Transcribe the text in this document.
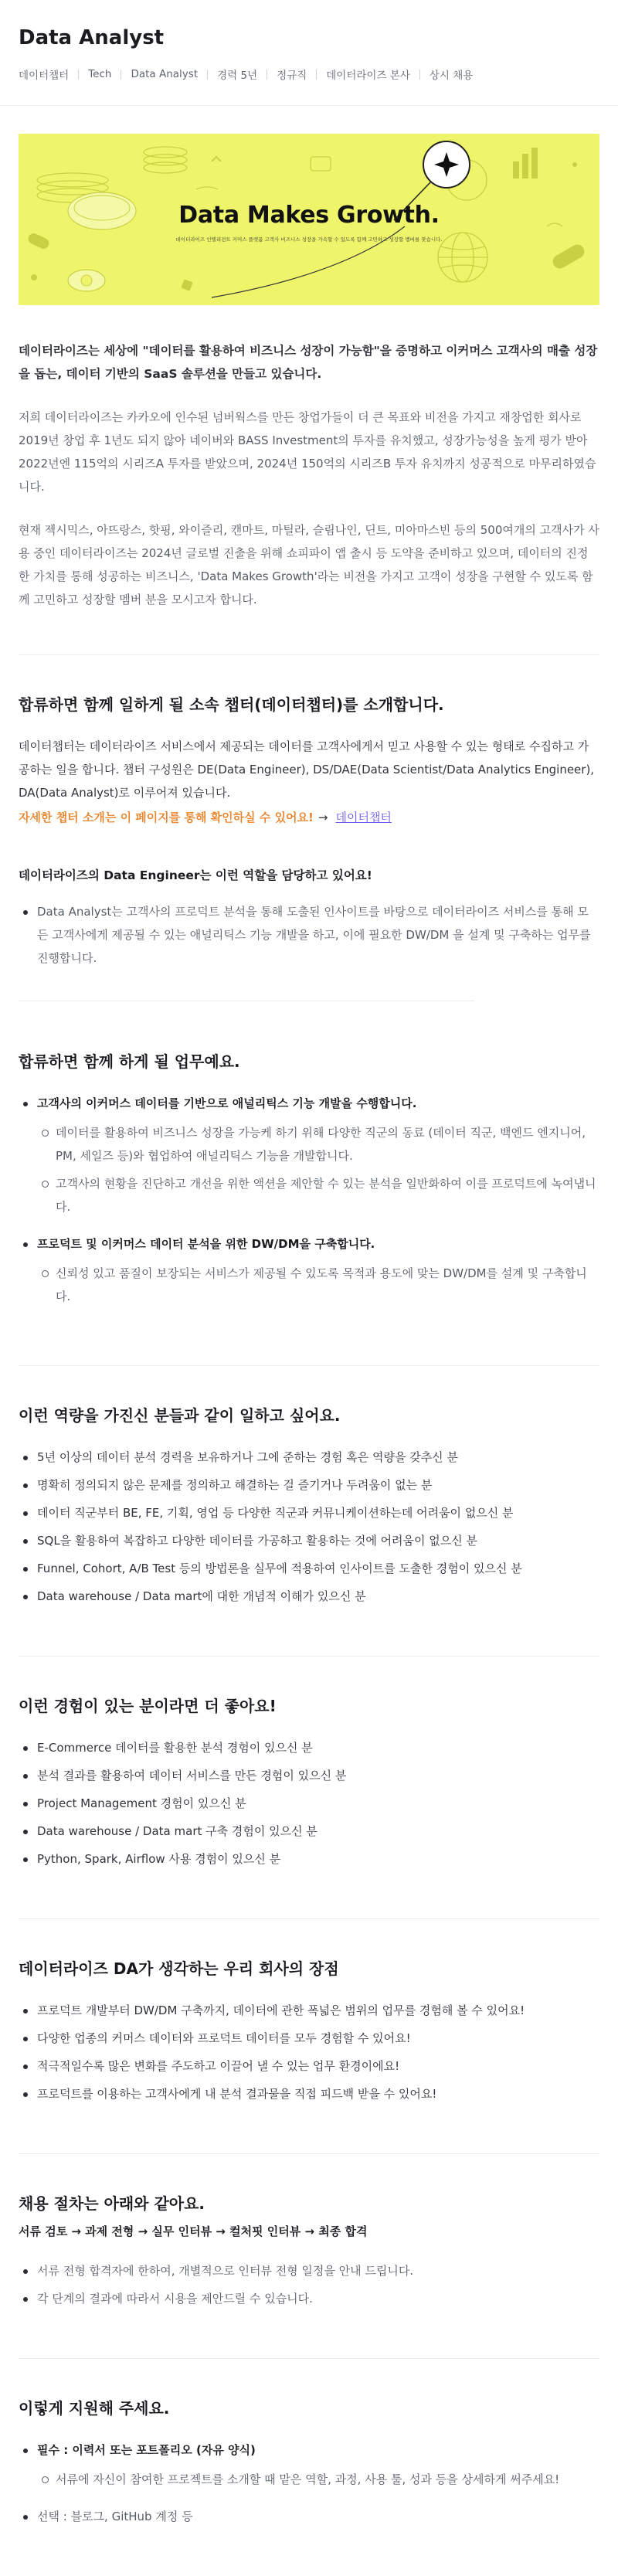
Data Analyst
데이터챕터 Tech Data Analyst 경력 5년 정규직 데이터라이즈 본사 상시 채용
Data Makes Growth.
데이터라이즈 인텔리전트 커머스 플랫폼 고객사 비즈니스 성장을 가속할 수 있도록 함께 고민하고 성장할 멤버를 찾습니다.

데이터라이즈는 세상에 "데이터를 활용하여 비즈니스 성장이 가능함"을 증명하고 이커머스 고객사의 매출 성장을 돕는, 데이터 기반의 SaaS 솔루션을 만들고 있습니다.

저희 데이터라이즈는 카카오에 인수된 넘버웍스를 만든 창업가들이 더 큰 목표와 비전을 가지고 재창업한 회사로 2019년 창업 후 1년도 되지 않아 네이버와 BASS Investment의 투자를 유치했고, 성장가능성을 높게 평가 받아 2022년엔 115억의 시리즈A 투자를 받았으며, 2024년 150억의 시리즈B 투자 유치까지 성공적으로 마무리하였습니다.

현재 젝시믹스, 아뜨랑스, 핫핑, 와이즐리, 캔마트, 마틸라, 슬림나인, 딘트, 미아마스빈 등의 500여개의 고객사가 사용 중인 데이터라이즈는 2024년 글로벌 진출을 위해 쇼피파이 앱 출시 등 도약을 준비하고 있으며, 데이터의 진정한 가치를 통해 성공하는 비즈니스, 'Data Makes Growth'라는 비전을 가지고 고객이 성장을 구현할 수 있도록 함께 고민하고 성장할 멤버 분을 모시고자 합니다.

합류하면 함께 일하게 될 소속 챕터(데이터챕터)를 소개합니다.

데이터챕터는 데이터라이즈 서비스에서 제공되는 데이터를 고객사에게서 믿고 사용할 수 있는 형태로 수집하고 가공하는 일을 합니다. 챕터 구성원은 DE(Data Engineer), DS/DAE(Data Scientist/Data Analytics Engineer), DA(Data Analyst)로 이루어져 있습니다.

자세한 챕터 소개는 이 페이지를 통해 확인하실 수 있어요! → 데이터챕터
데이터라이즈의 Data Engineer는 이런 역할을 담당하고 있어요!
Data Analyst는 고객사의 프로덕트 분석을 통해 도출된 인사이트를 바탕으로 데이터라이즈 서비스를 통해 모든 고객사에게 제공될 수 있는 애널리틱스 기능 개발을 하고, 이에 필요한 DW/DM 을 설계 및 구축하는 업무를 진행합니다.
합류하면 함께 하게 될 업무예요.
고객사의 이커머스 데이터를 기반으로 애널리틱스 기능 개발을 수행합니다.
데이터를 활용하여 비즈니스 성장을 가능케 하기 위해 다양한 직군의 동료 (데이터 직군, 백엔드 엔지니어, PM, 세일즈 등)와 협업하여 애널리틱스 기능을 개발합니다.
고객사의 현황을 진단하고 개선을 위한 액션을 제안할 수 있는 분석을 일반화하여 이를 프로덕트에 녹여냅니다.
프로덕트 및 이커머스 데이터 분석을 위한 DW/DM을 구축합니다.
신뢰성 있고 품질이 보장되는 서비스가 제공될 수 있도록 목적과 용도에 맞는 DW/DM를 설계 및 구축합니다.
이런 역량을 가진신 분들과 같이 일하고 싶어요.
5년 이상의 데이터 분석 경력을 보유하거나 그에 준하는 경험 혹은 역량을 갖추신 분
명확히 정의되지 않은 문제를 정의하고 해결하는 걸 즐기거나 두려움이 없는 분
데이터 직군부터 BE, FE, 기획, 영업 등 다양한 직군과 커뮤니케이션하는데 어려움이 없으신 분
SQL을 활용하여 복잡하고 다양한 데이터를 가공하고 활용하는 것에 어려움이 없으신 분
Funnel, Cohort, A/B Test 등의 방법론을 실무에 적용하여 인사이트를 도출한 경험이 있으신 분
Data warehouse / Data mart에 대한 개념적 이해가 있으신 분
이런 경험이 있는 분이라면 더 좋아요!
E-Commerce 데이터를 활용한 분석 경험이 있으신 분
분석 결과를 활용하여 데이터 서비스를 만든 경험이 있으신 분
Project Management 경험이 있으신 분
Data warehouse / Data mart 구축 경험이 있으신 분
Python, Spark, Airflow 사용 경험이 있으신 분
데이터라이즈 DA가 생각하는 우리 회사의 장점
프로덕트 개발부터 DW/DM 구축까지, 데이터에 관한 폭넓은 범위의 업무를 경험해 볼 수 있어요!
다양한 업종의 커머스 데이터와 프로덕트 데이터를 모두 경험할 수 있어요!
적극적일수록 많은 변화를 주도하고 이끌어 낼 수 있는 업무 환경이에요!
프로덕트를 이용하는 고객사에게 내 분석 결과물을 직접 피드백 받을 수 있어요!
채용 절차는 아래와 같아요.

서류 검토 → 과제 전형 → 실무 인터뷰 → 컬처핏 인터뷰 → 최종 합격

서류 전형 합격자에 한하여, 개별적으로 인터뷰 전형 일정을 안내 드립니다.
각 단계의 결과에 따라서 시용을 제안드릴 수 있습니다.
이렇게 지원해 주세요.
필수 : 이력서 또는 포트폴리오 (자유 양식)
서류에 자신이 참여한 프로젝트를 소개할 때 맡은 역할, 과정, 사용 툴, 성과 등을 상세하게 써주세요!
선택 : 블로그, GitHub 계정 등
